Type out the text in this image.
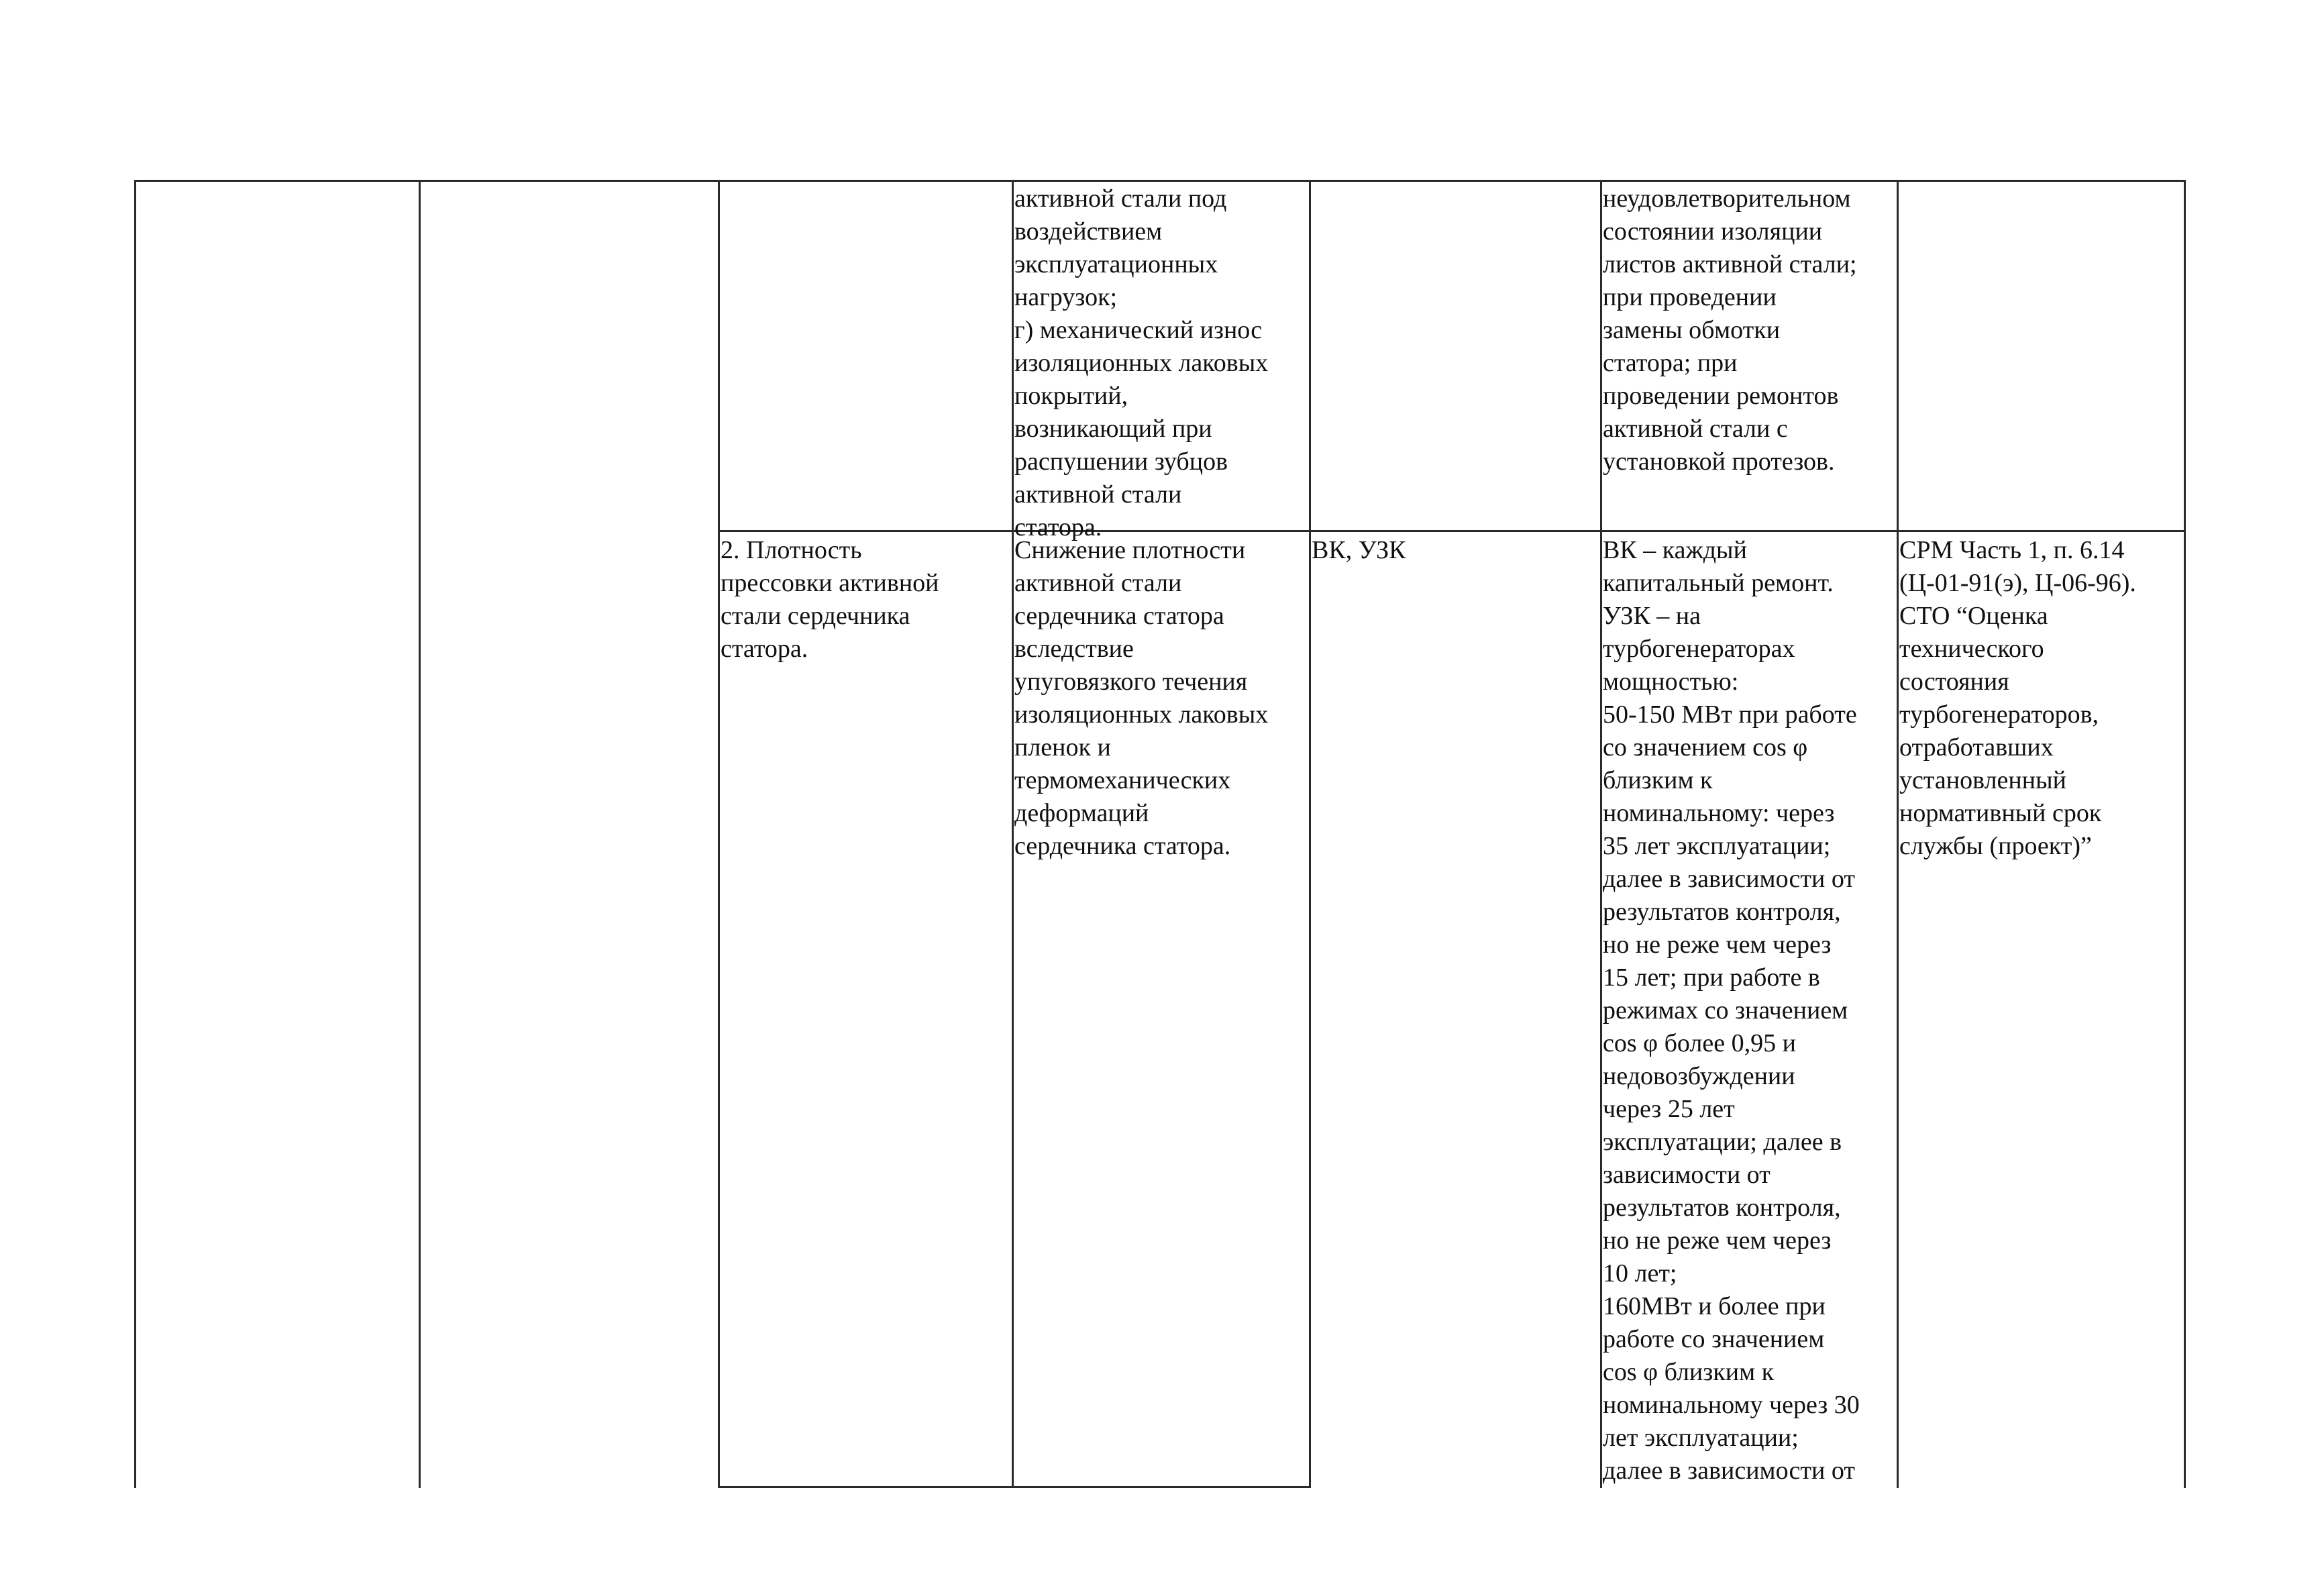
активной стали под
воздействием
эксплуатационных
нагрузок;
г) механический износ
изоляционных лаковых
покрытий,
возникающий при
распушении зубцов
активной стали
статора.

неудовлетворительном
состоянии изоляции
листов активной стали;
при проведении
замены обмотки
статора; при
проведении ремонтов
активной стали с
установкой протезов.

2. Плотность
прессовки активной
стали сердечника
статора.

Снижение плотности
активной стали
сердечника статора
вследствие
упуговязкого течения
изоляционных лаковых
пленок и
термомеханических
деформаций
сердечника статора.

ВК, УЗК	ВК – каждый
капитальный ремонт.
УЗК – на
турбогенераторах
мощностью:
50-150 МВт при работе
со значением cos φ
близким к
номинальному: через
35 лет эксплуатации;
далее в зависимости от
результатов контроля,
но не реже чем через
15 лет; при работе в
режимах со значением
cos φ более 0,95 и
недовозбуждении
через 25 лет
эксплуатации; далее в
зависимости от
результатов контроля,
но не реже чем через
10 лет;
160МВт и более при
работе со значением
cos φ близким к
номинальному через 30
лет эксплуатации;
далее в зависимости от

СРМ Часть 1, п. 6.14
(Ц-01-91(э), Ц-06-96).
СТО “Оценка
технического
состояния
турбогенераторов,
отработавших
установленный
нормативный срок
службы (проект)”
